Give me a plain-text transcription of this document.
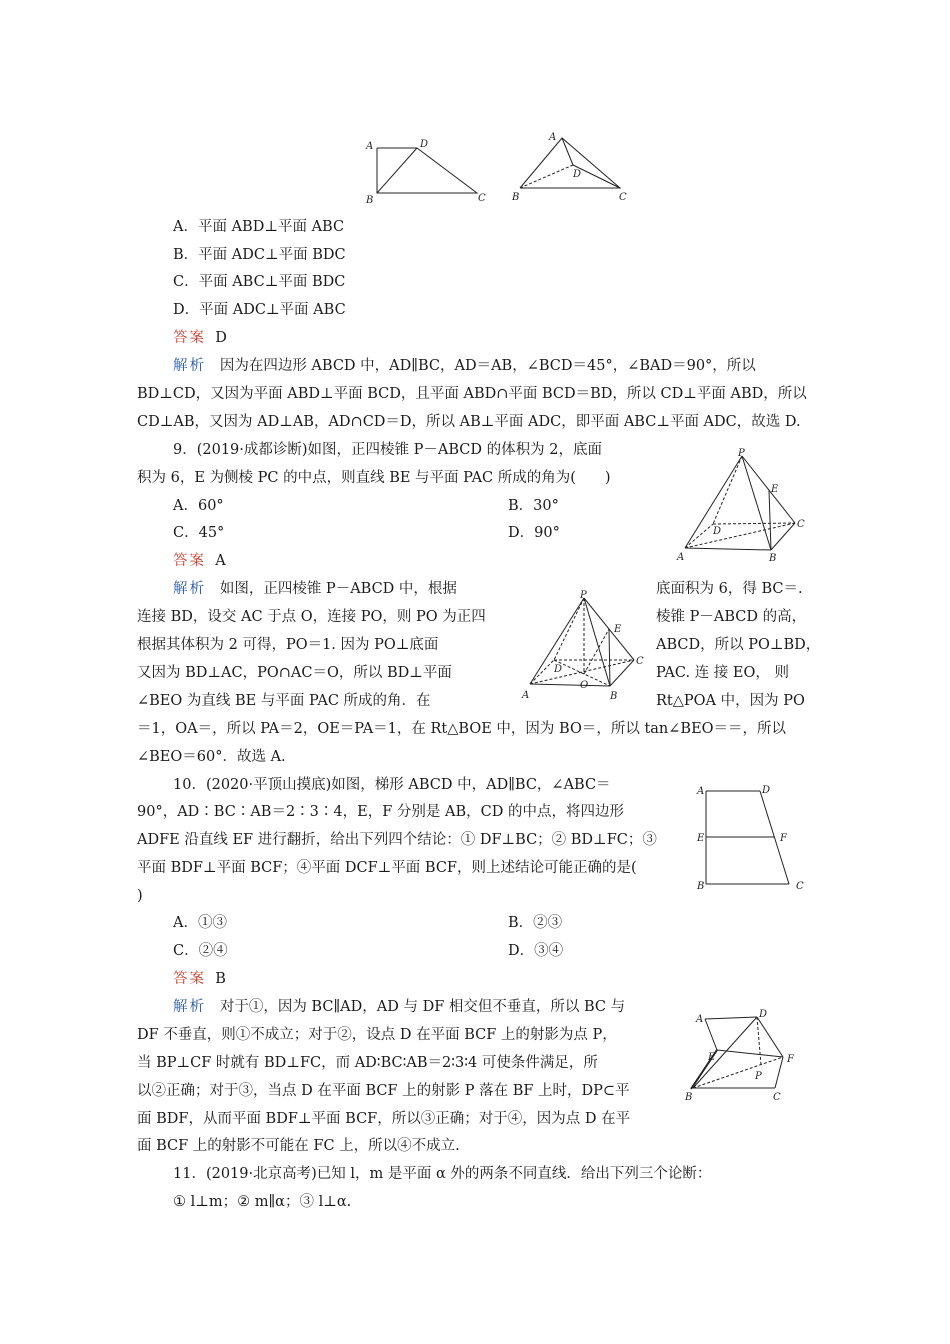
A	D
B	C
A
D
B	C
A．平面 ABD⊥平面 ABC
B．平面 ADC⊥平面 BDC
C．平面 ABC⊥平面 BDC
D．平面 ADC⊥平面 ABC
答案 D
解析 因为在四边形 ABCD 中，AD∥BC，AD＝AB，∠BCD＝45°，∠BAD＝90°，所以
BD⊥CD，又因为平面 ABD⊥平面 BCD，且平面 ABD∩平面 BCD＝BD，所以 CD⊥平面 ABD，所以
CD⊥AB，又因为 AD⊥AB，AD∩CD＝D，所以 AB⊥平面 ADC，即平面 ABC⊥平面 ADC，故选 D.
9．(2019·成都诊断)如图，正四棱锥 P－ABCD 的体积为 2，底面
积为 6，E 为侧棱 PC 的中点，则直线 BE 与平面 PAC 所成的角为(　　)
A．60°	B．30°
C．45°	D．90°
答案 A
P
E
C
D
A	B
解析 如图，正四棱锥 P－ABCD 中，根据
连接 BD，设交 AC 于点 O，连接 PO，则 PO 为正四
根据其体积为 2 可得，PO＝1. 因为 PO⊥底面
又因为 BD⊥AC，PO∩AC＝O，所以 BD⊥平面
∠BEO 为直线 BE 与平面 PAC 所成的角．在
底面积为 6，得 BC＝.
棱锥 P－ABCD 的高，
ABCD，所以 PO⊥BD，
PAC. 连 接 EO， 则
Rt△POA 中，因为 PO
P
E
C
D
O
A	B
＝1，OA＝，所以 PA＝2，OE＝PA＝1，在 Rt△BOE 中，因为 BO＝，所以 tan∠BEO＝＝，所以
∠BEO＝60°．故选 A.
10．(2020·平顶山摸底)如图，梯形 ABCD 中，AD∥BC，∠ABC＝
90°，AD∶BC∶AB＝2∶3∶4，E，F 分别是 AB，CD 的中点，将四边形
ADFE 沿直线 EF 进行翻折，给出下列四个结论：① DF⊥BC；② BD⊥FC；③
平面 BDF⊥平面 BCF；④平面 DCF⊥平面 BCF，则上述结论可能正确的是(
)
A	D
E	F
B	C
A．①③	B．②③
C．②④	D．③④
答案 B
解析 对于①，因为 BC∥AD，AD 与 DF 相交但不垂直，所以 BC 与
DF 不垂直，则①不成立；对于②，设点 D 在平面 BCF 上的射影为点 P，
当 BP⊥CF 时就有 BD⊥FC，而 AD∶BC∶AB＝2∶3∶4 可使条件满足，所
以②正确；对于③，当点 D 在平面 BCF 上的射影 P 落在 BF 上时，DP⊂平
面 BDF，从而平面 BDF⊥平面 BCF，所以③正确；对于④，因为点 D 在平
面 BCF 上的射影不可能在 FC 上，所以④不成立.
A	D
E	F
P
B	C
11．(2019·北京高考)已知 l，m 是平面 α 外的两条不同直线．给出下列三个论断：
① l⊥m；② m∥α；③ l⊥α.
